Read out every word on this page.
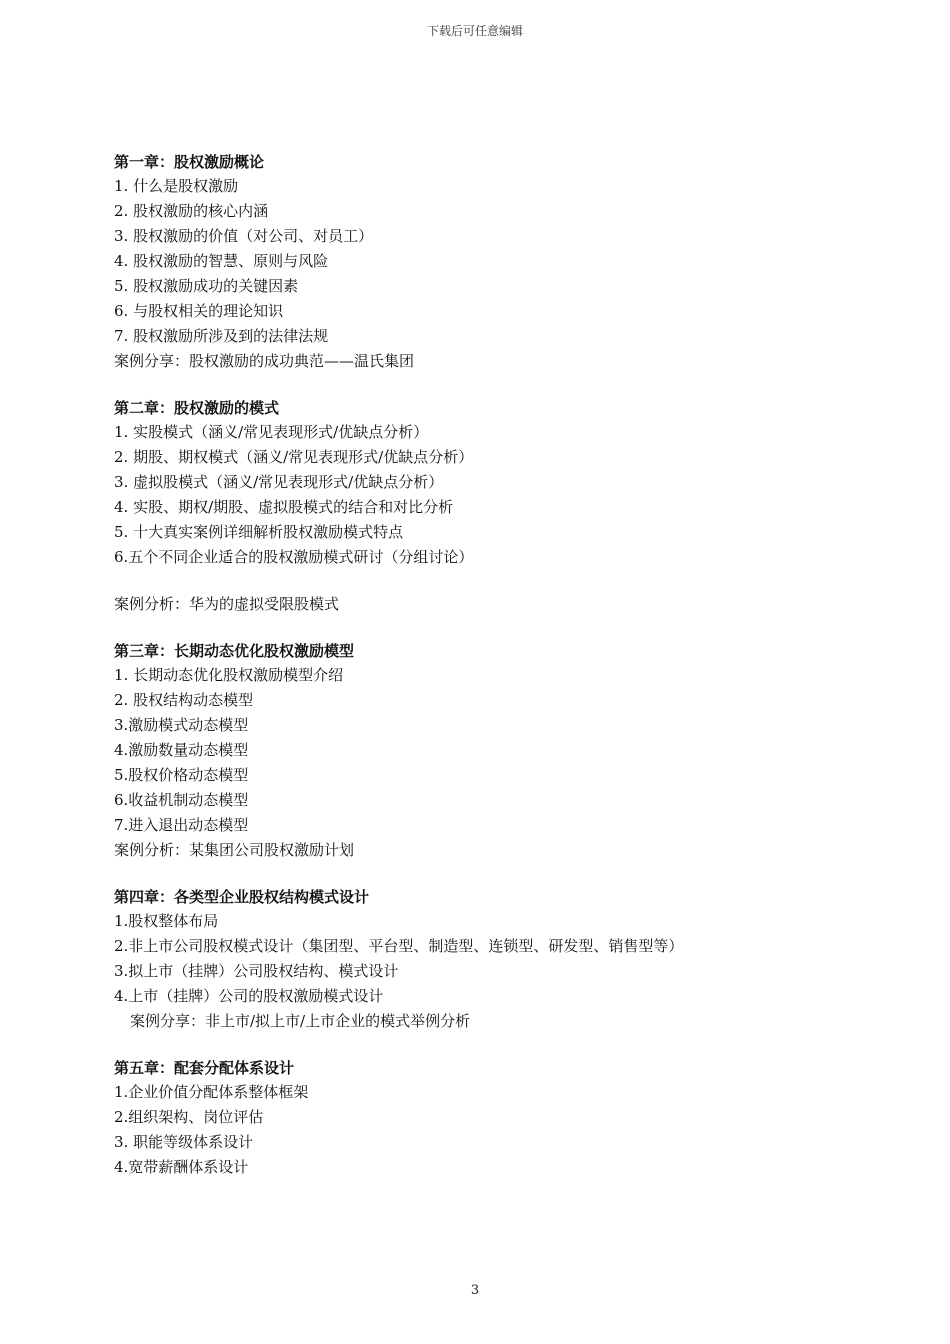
下载后可任意编辑
第一章：股权激励概论
1. 什么是股权激励
2. 股权激励的核心内涵
3. 股权激励的价值（对公司、对员工）
4. 股权激励的智慧、原则与风险
5. 股权激励成功的关键因素
6. 与股权相关的理论知识
7. 股权激励所涉及到的法律法规
案例分享：股权激励的成功典范——温氏集团
第二章：股权激励的模式
1. 实股模式（涵义/常见表现形式/优缺点分析）
2. 期股、期权模式（涵义/常见表现形式/优缺点分析）
3. 虚拟股模式（涵义/常见表现形式/优缺点分析）
4. 实股、期权/期股、虚拟股模式的结合和对比分析
5. 十大真实案例详细解析股权激励模式特点
6.五个不同企业适合的股权激励模式研讨（分组讨论）
案例分析：华为的虚拟受限股模式
第三章：长期动态优化股权激励模型
1. 长期动态优化股权激励模型介绍
2. 股权结构动态模型
3.激励模式动态模型
4.激励数量动态模型
5.股权价格动态模型
6.收益机制动态模型
7.进入退出动态模型
案例分析：某集团公司股权激励计划
第四章：各类型企业股权结构模式设计
1.股权整体布局
2.非上市公司股权模式设计（集团型、平台型、制造型、连锁型、研发型、销售型等）
3.拟上市（挂牌）公司股权结构、模式设计
4.上市（挂牌）公司的股权激励模式设计
案例分享：非上市/拟上市/上市企业的模式举例分析
第五章：配套分配体系设计
1.企业价值分配体系整体框架
2.组织架构、岗位评估
3. 职能等级体系设计
4.宽带薪酬体系设计
3
